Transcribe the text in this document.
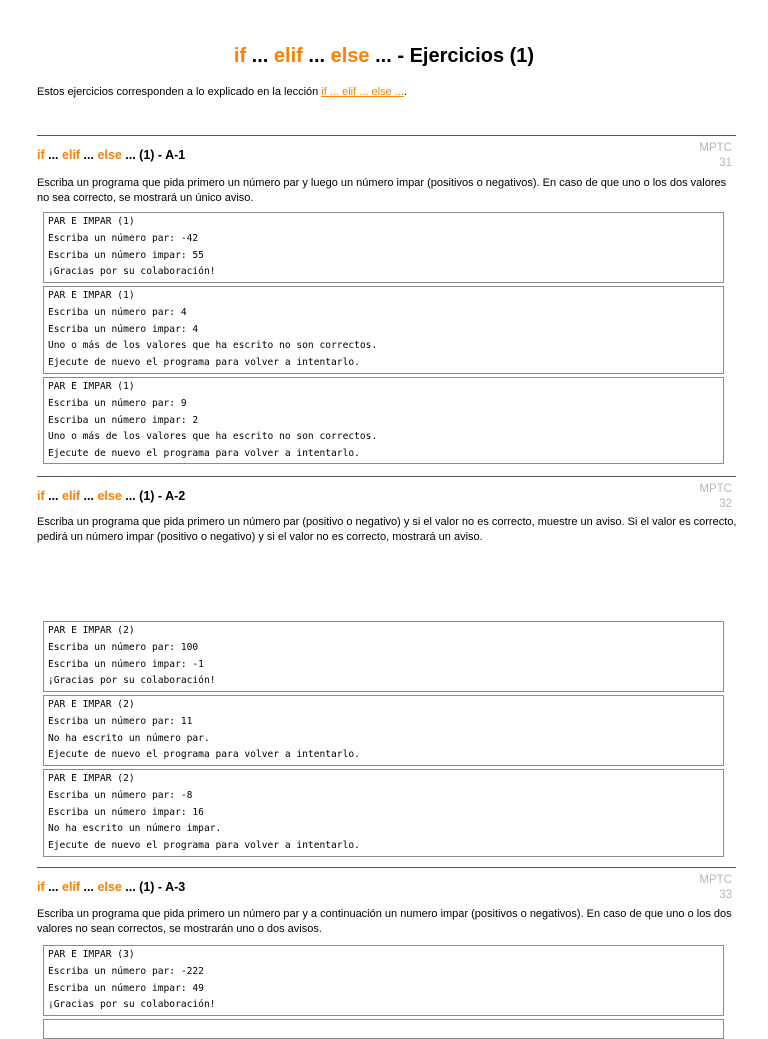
if ... elif ... else ... - Ejercicios (1)

Estos ejercicios corresponden a lo explicado en la lección if ... elif ... else ....

if ... elif ... else ... (1) - A-1	MPTC
31

Escriba un programa que pida primero un número par y luego un número impar (positivos o negativos). En caso de que uno o los dos valores no sea correcto, se mostrará un único aviso.

PAR E IMPAR (1)
Escriba un número par: -42
Escriba un número impar: 55
¡Gracias por su colaboración!
PAR E IMPAR (1)
Escriba un número par: 4
Escriba un número impar: 4
Uno o más de los valores que ha escrito no son correctos.
Ejecute de nuevo el programa para volver a intentarlo.
PAR E IMPAR (1)
Escriba un número par: 9
Escriba un número impar: 2
Uno o más de los valores que ha escrito no son correctos.
Ejecute de nuevo el programa para volver a intentarlo.
if ... elif ... else ... (1) - A-2	MPTC
32

Escriba un programa que pida primero un número par (positivo o negativo) y si el valor no es correcto, muestre un aviso. Si el valor es correcto, pedirá un número impar (positivo o negativo) y si el valor no es correcto, mostrará un aviso.

PAR E IMPAR (2)
Escriba un número par: 100
Escriba un número impar: -1
¡Gracias por su colaboración!
PAR E IMPAR (2)
Escriba un número par: 11
No ha escrito un número par.
Ejecute de nuevo el programa para volver a intentarlo.
PAR E IMPAR (2)
Escriba un número par: -8
Escriba un número impar: 16
No ha escrito un número impar.
Ejecute de nuevo el programa para volver a intentarlo.
if ... elif ... else ... (1) - A-3	MPTC
33

Escriba un programa que pida primero un número par y a continuación un numero impar (positivos o negativos). En caso de que uno o los dos valores no sean correctos, se mostrarán uno o dos avisos.

PAR E IMPAR (3)
Escriba un número par: -222
Escriba un número impar: 49
¡Gracias por su colaboración!
